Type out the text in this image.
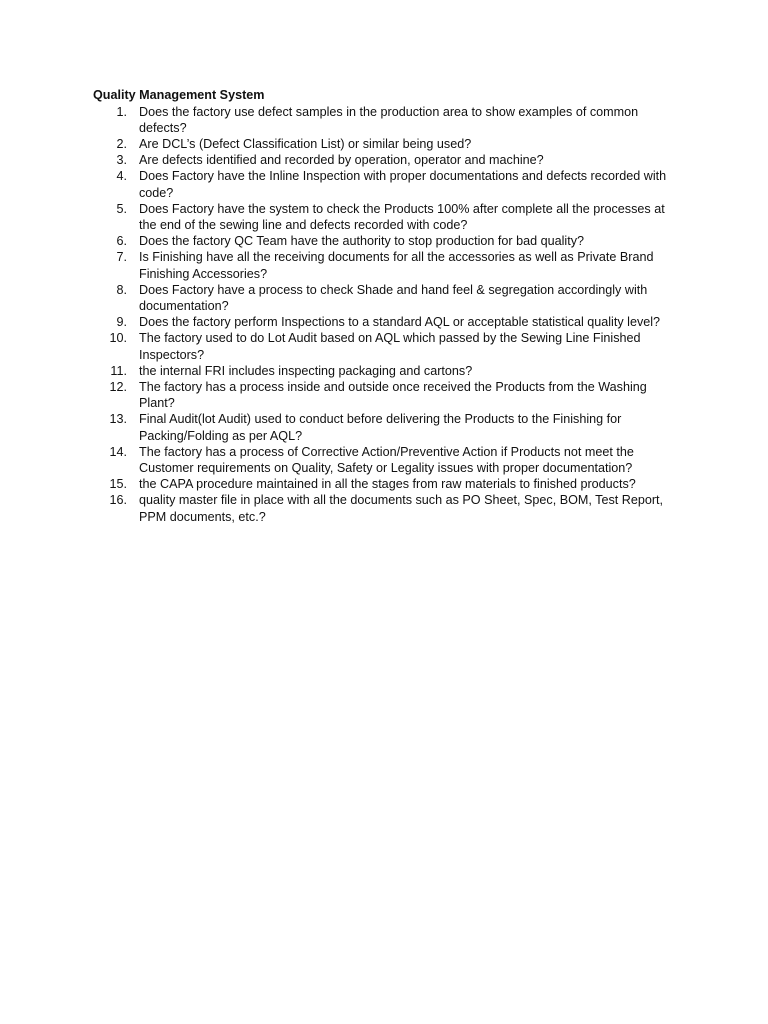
Quality Management System

1. Does the factory use defect samples in the production area to show examples of common defects?
2. Are DCL’s (Defect Classification List) or similar being used?
3. Are defects identified and recorded by operation, operator and machine?
4. Does Factory have the Inline Inspection with proper documentations and defects recorded with code?
5. Does Factory have the system to check the Products 100% after complete all the processes at the end of the sewing line and defects recorded with code?
6. Does the factory QC Team have the authority to stop production for bad quality?
7. Is Finishing have all the receiving documents for all the accessories as well as Private Brand Finishing Accessories?
8. Does Factory have a process to check Shade and hand feel & segregation accordingly with documentation?
9. Does the factory perform Inspections to a standard AQL or acceptable statistical quality level?
10. The factory used to do Lot Audit based on AQL which passed by the Sewing Line Finished Inspectors?
11. the internal FRI includes inspecting packaging and cartons?
12. The factory has a process inside and outside once received the Products from the Washing Plant?
13. Final Audit(lot Audit) used to conduct before delivering the Products to the Finishing for Packing/Folding as per AQL?
14. The factory has a process of Corrective Action/Preventive Action if Products not meet the Customer requirements on Quality, Safety or Legality issues with proper documentation?
15. the CAPA procedure maintained in all the stages from raw materials to finished products?
16. quality master file in place with all the documents such as PO Sheet, Spec, BOM, Test Report, PPM documents, etc.?
